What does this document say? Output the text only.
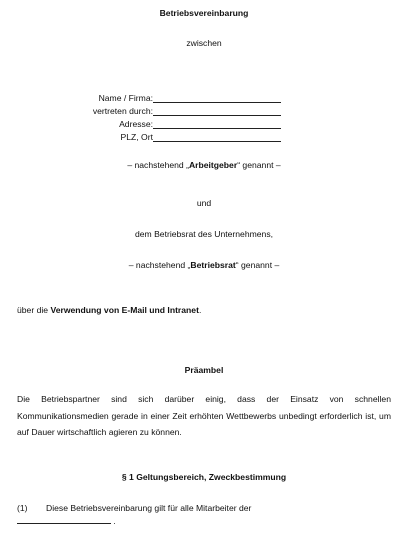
Betriebsvereinbarung
zwischen
Name / Firma:
vertreten durch:
Adresse:
PLZ, Ort
– nachstehend „Arbeitgeber“ genannt –
und
dem Betriebsrat des Unternehmens,
– nachstehend „Betriebsrat“ genannt –
über die Verwendung von E-Mail und Intranet.
Präambel
Die Betriebspartner sind sich darüber einig, dass der Einsatz von schnellen Kommunikationsmedien gerade in einer Zeit erhöhten Wettbewerbs unbedingt erforderlich ist, um auf Dauer wirtschaftlich agieren zu können.
§ 1 Geltungsbereich, Zweckbestimmung
(1) Diese Betriebsvereinbarung gilt für alle Mitarbeiter der
.
